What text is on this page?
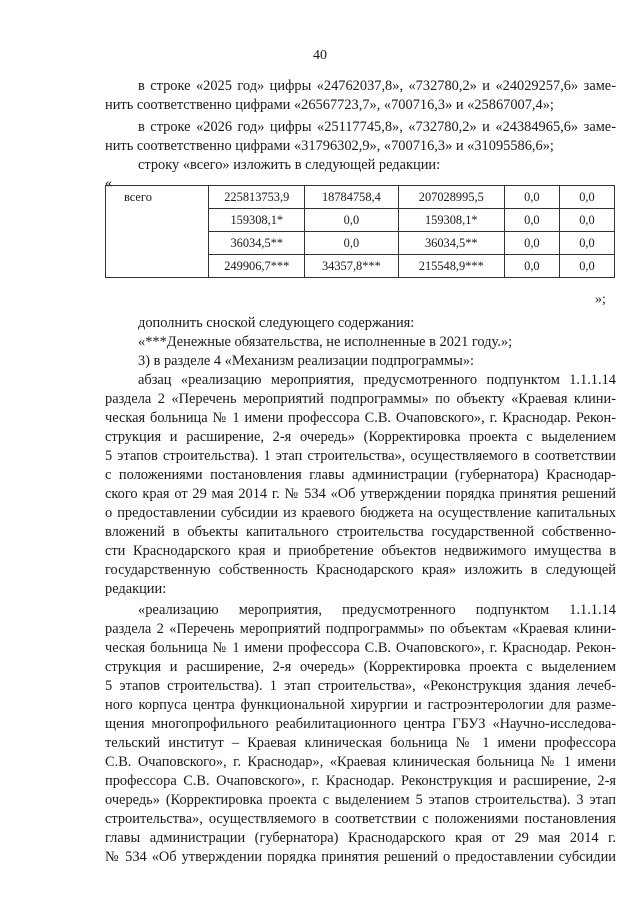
40
в строке «2025 год» цифры «24762037,8», «732780,2» и «24029257,6» заме-
нить соответственно цифрами «26567723,7», «700716,3» и «25867007,4»;
в строке «2026 год» цифры «25117745,8», «732780,2» и «24384965,6» заме-
нить соответственно цифрами «31796302,9», «700716,3» и «31095586,6»;
строку «всего» изложить в следующей редакции:
«
всего	225813753,9	18784758,4	207028995,5	0,0	0,0
	159308,1*	0,0	159308,1*	0,0	0,0
	36034,5**	0,0	36034,5**	0,0	0,0
	249906,7***	34357,8***	215548,9***	0,0	0,0
»;
дополнить сноской следующего содержания:
«***Денежные обязательства, не исполненные в 2021 году.»;
3) в разделе 4 «Механизм реализации подпрограммы»:
абзац «реализацию мероприятия, предусмотренного подпунктом 1.1.1.14
раздела 2 «Перечень мероприятий подпрограммы» по объекту «Краевая клини-
ческая больница № 1 имени профессора С.В. Очаповского», г. Краснодар. Рекон-
струкция и расширение, 2-я очередь» (Корректировка проекта с выделением
5 этапов строительства). 1 этап строительства», осуществляемого в соответствии
с положениями постановления главы администрации (губернатора) Краснодар-
ского края от 29 мая 2014 г. № 534 «Об утверждении порядка принятия решений
о предоставлении субсидии из краевого бюджета на осуществление капитальных
вложений в объекты капитального строительства государственной собственно-
сти Краснодарского края и приобретение объектов недвижимого имущества в
государственную собственность Краснодарского края» изложить в следующей
редакции:
«реализацию мероприятия, предусмотренного подпунктом 1.1.1.14
раздела 2 «Перечень мероприятий подпрограммы» по объектам «Краевая клини-
ческая больница № 1 имени профессора С.В. Очаповского», г. Краснодар. Рекон-
струкция и расширение, 2-я очередь» (Корректировка проекта с выделением
5 этапов строительства). 1 этап строительства», «Реконструкция здания лечеб-
ного корпуса центра функциональной хирургии и гастроэнтерологии для разме-
щения многопрофильного реабилитационного центра ГБУЗ «Научно-исследова-
тельский институт – Краевая клиническая больница № 1 имени профессора
С.В. Очаповского», г. Краснодар», «Краевая клиническая больница № 1 имени
профессора С.В. Очаповского», г. Краснодар. Реконструкция и расширение, 2-я
очередь» (Корректировка проекта с выделением 5 этапов строительства). 3 этап
строительства», осуществляемого в соответствии с положениями постановления
главы администрации (губернатора) Краснодарского края от 29 мая 2014 г.
№ 534 «Об утверждении порядка принятия решений о предоставлении субсидии
